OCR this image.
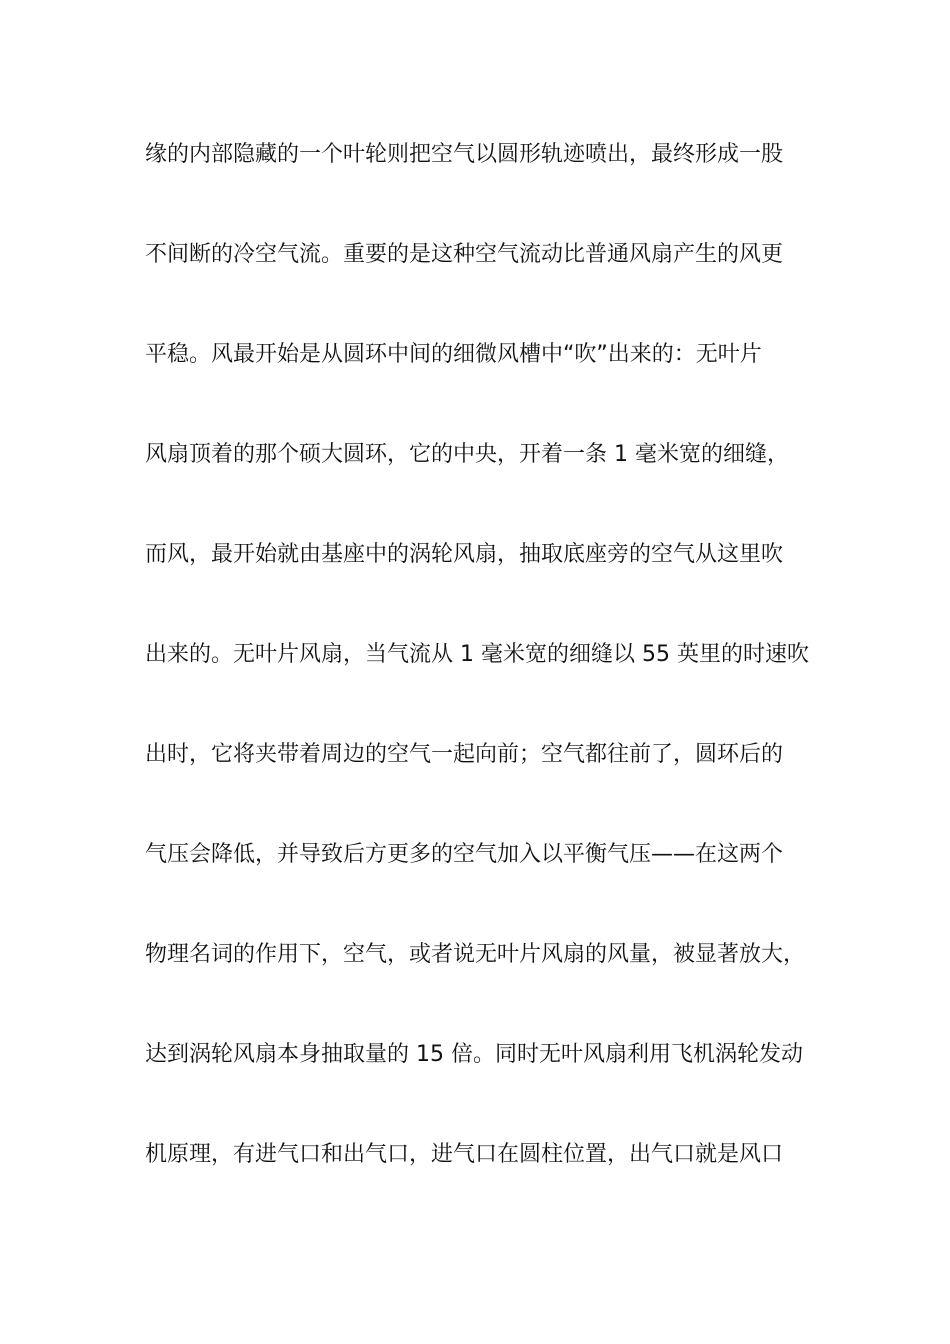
缘的内部隐藏的一个叶轮则把空气以圆形轨迹喷出，最终形成一股
不间断的冷空气流。重要的是这种空气流动比普通风扇产生的风更
平稳。风最开始是从圆环中间的细微风槽中“吹”出来的：无叶片
风扇顶着的那个硕大圆环，它的中央，开着一条 1 毫米宽的细缝，
而风，最开始就由基座中的涡轮风扇，抽取底座旁的空气从这里吹
出来的。无叶片风扇，当气流从 1 毫米宽的细缝以 55 英里的时速吹
出时，它将夹带着周边的空气一起向前；空气都往前了，圆环后的
气压会降低，并导致后方更多的空气加入以平衡气压——在这两个
物理名词的作用下，空气，或者说无叶片风扇的风量，被显著放大，
达到涡轮风扇本身抽取量的 15 倍。同时无叶风扇利用飞机涡轮发动
机原理，有进气口和出气口，进气口在圆柱位置，出气口就是风口
